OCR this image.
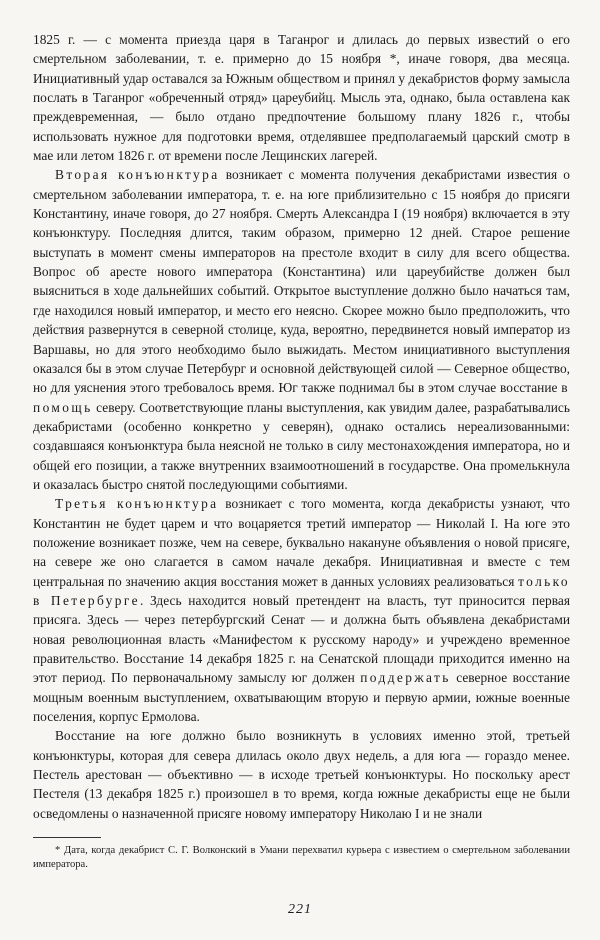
1825 г. — с момента приезда царя в Таганрог и длилась до первых известий о его смертельном заболевании, т. е. примерно до 15 ноября *, иначе говоря, два месяца. Инициативный удар оставался за Южным обществом и принял у декабристов форму замысла послать в Таганрог «обреченный отряд» цареубийц. Мысль эта, однако, была оставлена как преждевременная, — было отдано предпочтение большому плану 1826 г., чтобы использовать нужное для подготовки время, отделявшее предполагаемый царский смотр в мае или летом 1826 г. от времени после Лещинских лагерей.

Вторая конъюнктура возникает с момента получения декабристами известия о смертельном заболевании императора, т. е. на юге приблизительно с 15 ноября до присяги Константину, иначе говоря, до 27 ноября. Смерть Александра I (19 ноября) включается в эту конъюнктуру. Последняя длится, таким образом, примерно 12 дней. Старое решение выступать в момент смены императоров на престоле входит в силу для всего общества. Вопрос об аресте нового императора (Константина) или цареубийстве должен был выясниться в ходе дальнейших событий. Открытое выступление должно было начаться там, где находился новый император, и место его неясно. Скорее можно было предположить, что действия развернутся в северной столице, куда, вероятно, передвинется новый император из Варшавы, но для этого необходимо было выжидать. Местом инициативного выступления оказался бы в этом случае Петербург и основной действующей силой — Северное общество, но для уяснения этого требовалось время. Юг также поднимал бы в этом случае восстание в помощь северу. Соответствующие планы выступления, как увидим далее, разрабатывались декабристами (особенно конкретно у северян), однако остались нереализованными: создавшаяся конъюнктура была неясной не только в силу местонахождения императора, но и общей его позиции, а также внутренних взаимоотношений в государстве. Она промелькнула и оказалась быстро снятой последующими событиями.

Третья конъюнктура возникает с того момента, когда декабристы узнают, что Константин не будет царем и что воцаряется третий император — Николай I. На юге это положение возникает позже, чем на севере, буквально накануне объявления о новой присяге, на севере же оно слагается в самом начале декабря. Инициативная и вместе с тем центральная по значению акция восстания может в данных условиях реализоваться только в Петербурге. Здесь находится новый претендент на власть, тут приносится первая присяга. Здесь — через петербургский Сенат — и должна быть объявлена декабристами новая революционная власть «Манифестом к русскому народу» и учреждено временное правительство. Восстание 14 декабря 1825 г. на Сенатской площади приходится именно на этот период. По первоначальному замыслу юг должен поддержать северное восстание мощным военным выступлением, охватывающим вторую и первую армии, южные военные поселения, корпус Ермолова.

Восстание на юге должно было возникнуть в условиях именно этой, третьей конъюнктуры, которая для севера длилась около двух недель, а для юга — гораздо менее. Пестель арестован — объективно — в исходе третьей конъюнктуры. Но поскольку арест Пестеля (13 декабря 1825 г.) произошел в то время, когда южные декабристы еще не были осведомлены о назначенной присяге новому императору Николаю I и не знали

* Дата, когда декабрист С. Г. Волконский в Умани перехватил курьера с известием о смертельном заболевании императора.

221
